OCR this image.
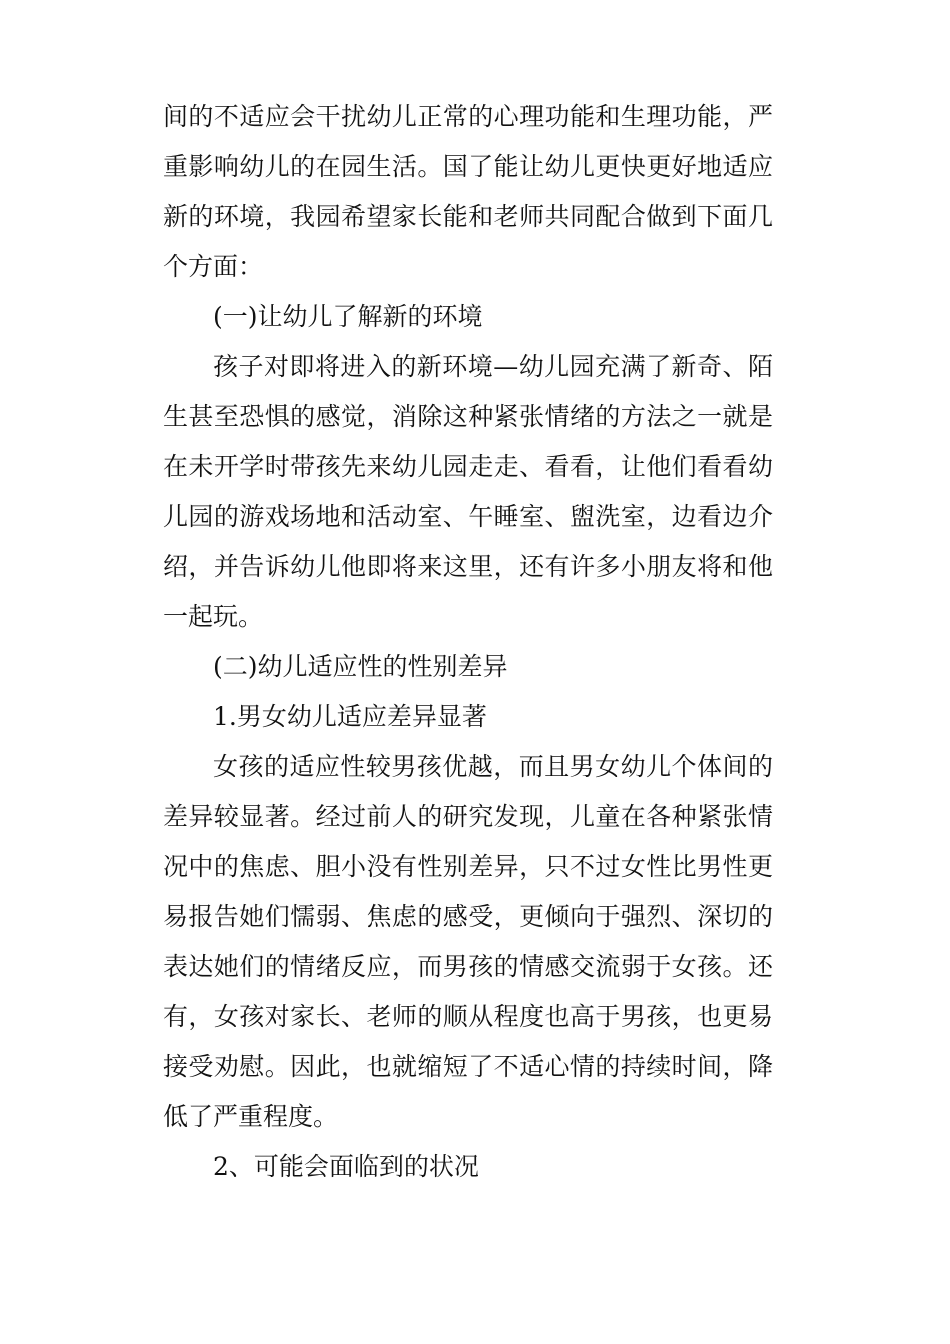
间的不适应会干扰幼儿正常的心理功能和生理功能，严
重影响幼儿的在园生活。国了能让幼儿更快更好地适应
新的环境，我园希望家长能和老师共同配合做到下面几
个方面：
(一)让幼儿了解新的环境
孩子对即将进入的新环境—幼儿园充满了新奇、陌
生甚至恐惧的感觉，消除这种紧张情绪的方法之一就是
在未开学时带孩先来幼儿园走走、看看，让他们看看幼
儿园的游戏场地和活动室、午睡室、盥洗室，边看边介
绍，并告诉幼儿他即将来这里，还有许多小朋友将和他
一起玩。
(二)幼儿适应性的性别差异
1.男女幼儿适应差异显著
女孩的适应性较男孩优越，而且男女幼儿个体间的
差异较显著。经过前人的研究发现，儿童在各种紧张情
况中的焦虑、胆小没有性别差异，只不过女性比男性更
易报告她们懦弱、焦虑的感受，更倾向于强烈、深切的
表达她们的情绪反应，而男孩的情感交流弱于女孩。还
有，女孩对家长、老师的顺从程度也高于男孩，也更易
接受劝慰。因此，也就缩短了不适心情的持续时间，降
低了严重程度。
2、可能会面临到的状况
